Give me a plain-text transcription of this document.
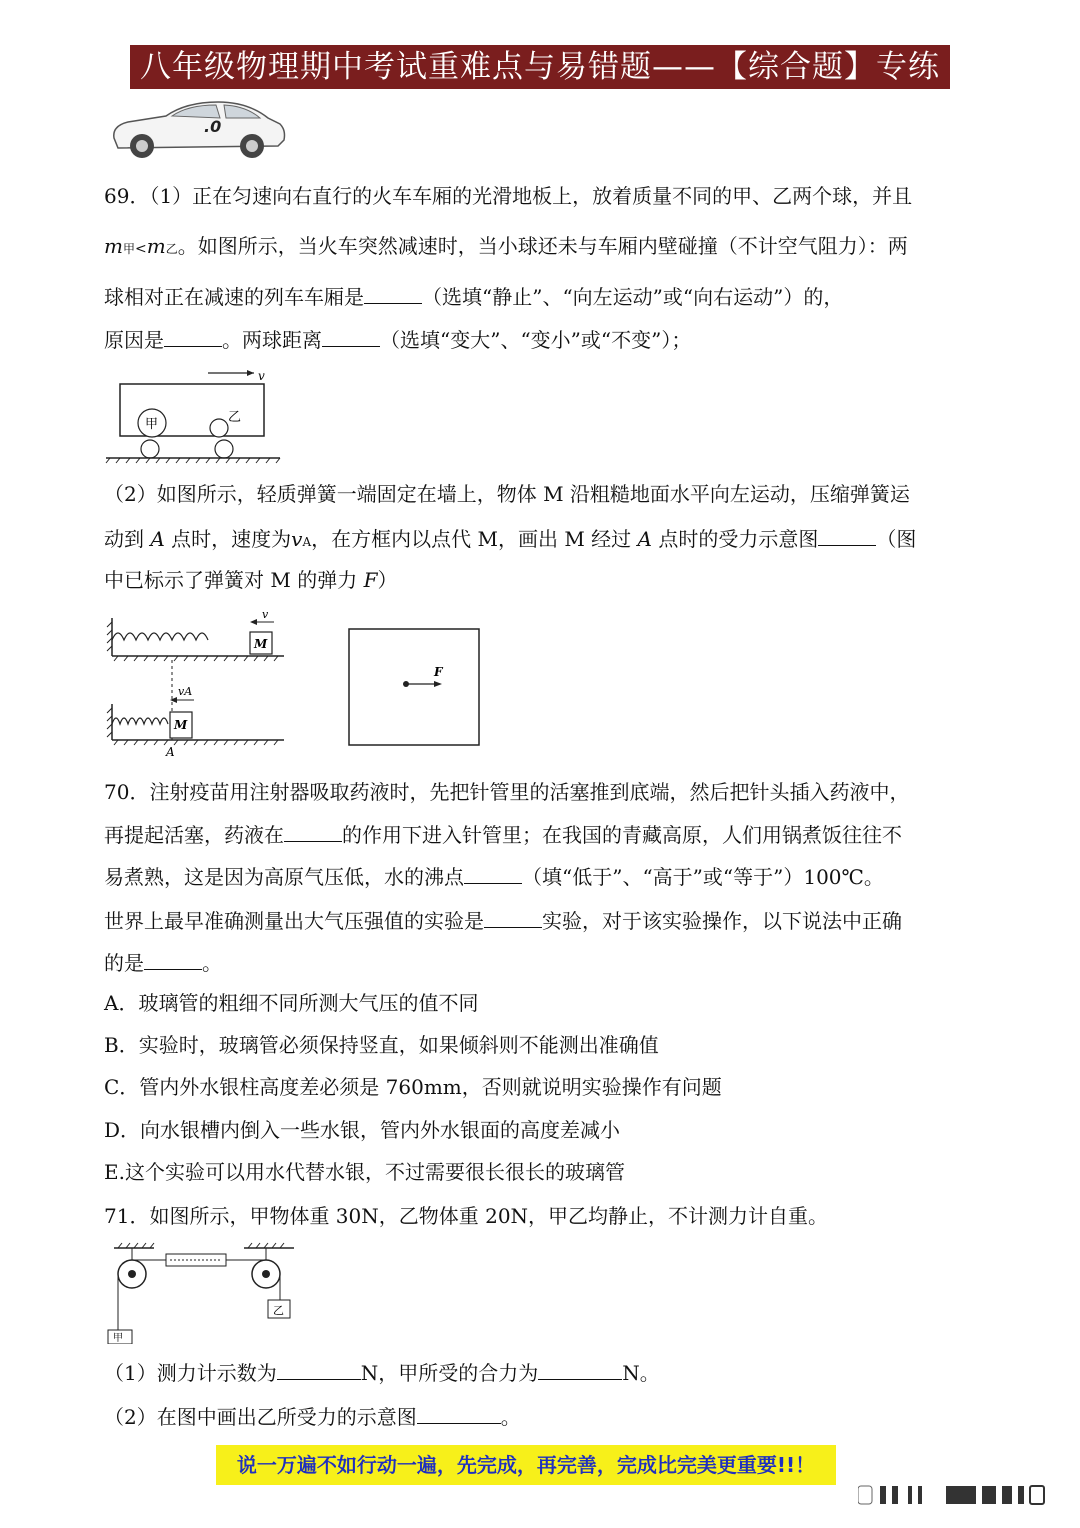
八年级物理期中考试重难点与易错题——【综合题】专练
.0
69．（1）正在匀速向右直行的火车车厢的光滑地板上，放着质量不同的甲、乙两个球，并且
m甲<m乙。如图所示，当火车突然减速时，当小球还未与车厢内壁碰撞（不计空气阻力）：两
球相对正在减速的列车车厢是	（选填“静止”、“向左运动”或“向右运动”）的，
原因是	。两球距离	（选填“变大”、“变小”或“不变”）；
v
甲	乙
（2）如图所示，轻质弹簧一端固定在墙上，物体 M 沿粗糙地面水平向左运动，压缩弹簧运
动到 A 点时，速度为vA，在方框内以点代 M，画出 M 经过 A 点时的受力示意图	（图
中已标示了弹簧对 M 的弹力 F）
M
v
M
vA
A
F
70．注射疫苗用注射器吸取药液时，先把针管里的活塞推到底端，然后把针头插入药液中，
再提起活塞，药液在	的作用下进入针管里；在我国的青藏高原，人们用锅煮饭往往不
易煮熟，这是因为高原气压低，水的沸点	（填“低于”、“高于”或“等于”）100℃。
世界上最早准确测量出大气压强值的实验是	实验，对于该实验操作，以下说法中正确
的是	。
A．玻璃管的粗细不同所测大气压的值不同
B．实验时，玻璃管必须保持竖直，如果倾斜则不能测出准确值
C．管内外水银柱高度差必须是 760mm，否则就说明实验操作有问题
D．向水银槽内倒入一些水银，管内外水银面的高度差减小
E.这个实验可以用水代替水银，不过需要很长很长的玻璃管
71．如图所示，甲物体重 30N，乙物体重 20N，甲乙均静止，不计测力计自重。
甲
乙
（1）测力计示数为	N，甲所受的合力为	N。
（2）在图中画出乙所受力的示意图	。
说一万遍不如行动一遍，先完成，再完善，完成比完美更重要!!！
